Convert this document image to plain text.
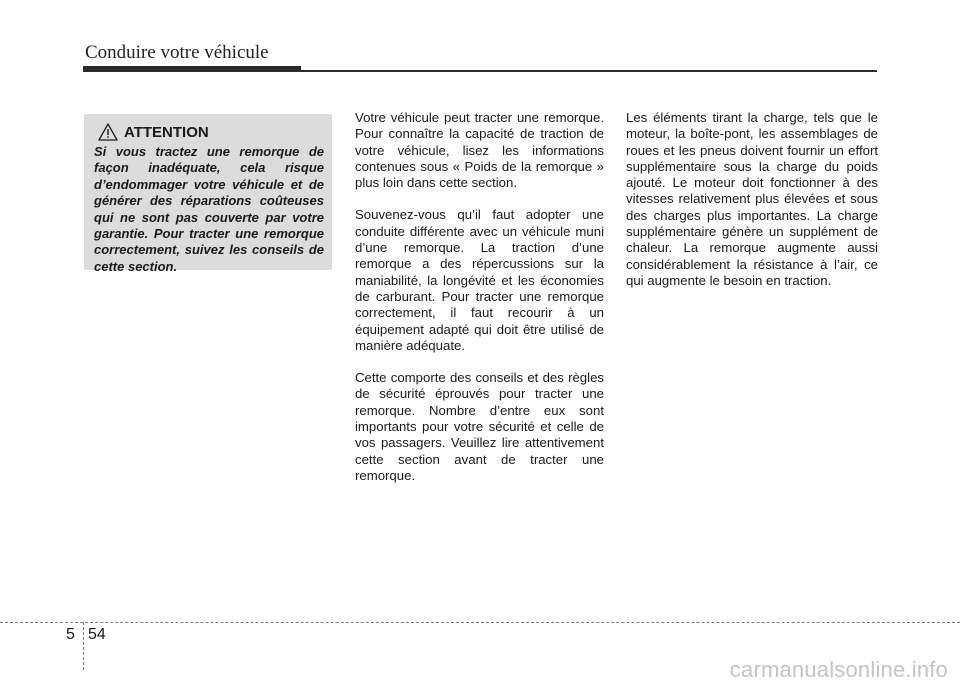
Conduire votre véhicule
ATTENTION

Si vous tractez une remorque de façon inadéquate, cela risque d’endommager votre véhicule et de générer des réparations coûteuses qui ne sont pas couverte par votre garantie. Pour tracter une remorque correctement, suivez les conseils de cette section.

Votre véhicule peut tracter une remorque. Pour connaître la capacité de traction de votre véhicule, lisez les informations contenues sous « Poids de la remorque » plus loin dans cette section.

Souvenez-vous qu’il faut adopter une conduite différente avec un véhicule muni d’une remorque. La traction d’une remorque a des répercussions sur la maniabilité, la longévité et les économies de carburant. Pour tracter une remorque correctement, il faut recourir à un équipement adapté qui doit être utilisé de manière adéquate.

Cette comporte des conseils et des règles de sécurité éprouvés pour tracter une remorque. Nombre d’entre eux sont importants pour votre sécurité et celle de vos passagers. Veuillez lire attentivement cette section avant de tracter une remorque.

Les éléments tirant la charge, tels que le moteur, la boîte-pont, les assemblages de roues et les pneus doivent fournir un effort supplémentaire sous la charge du poids ajouté. Le moteur doit fonctionner à des vitesses relativement plus élevées et sous des charges plus importantes. La charge supplémentaire génère un supplément de chaleur. La remorque augmente aussi considérablement la résistance à l’air, ce qui augmente le besoin en traction.

5 54
carmanualsonline.info
